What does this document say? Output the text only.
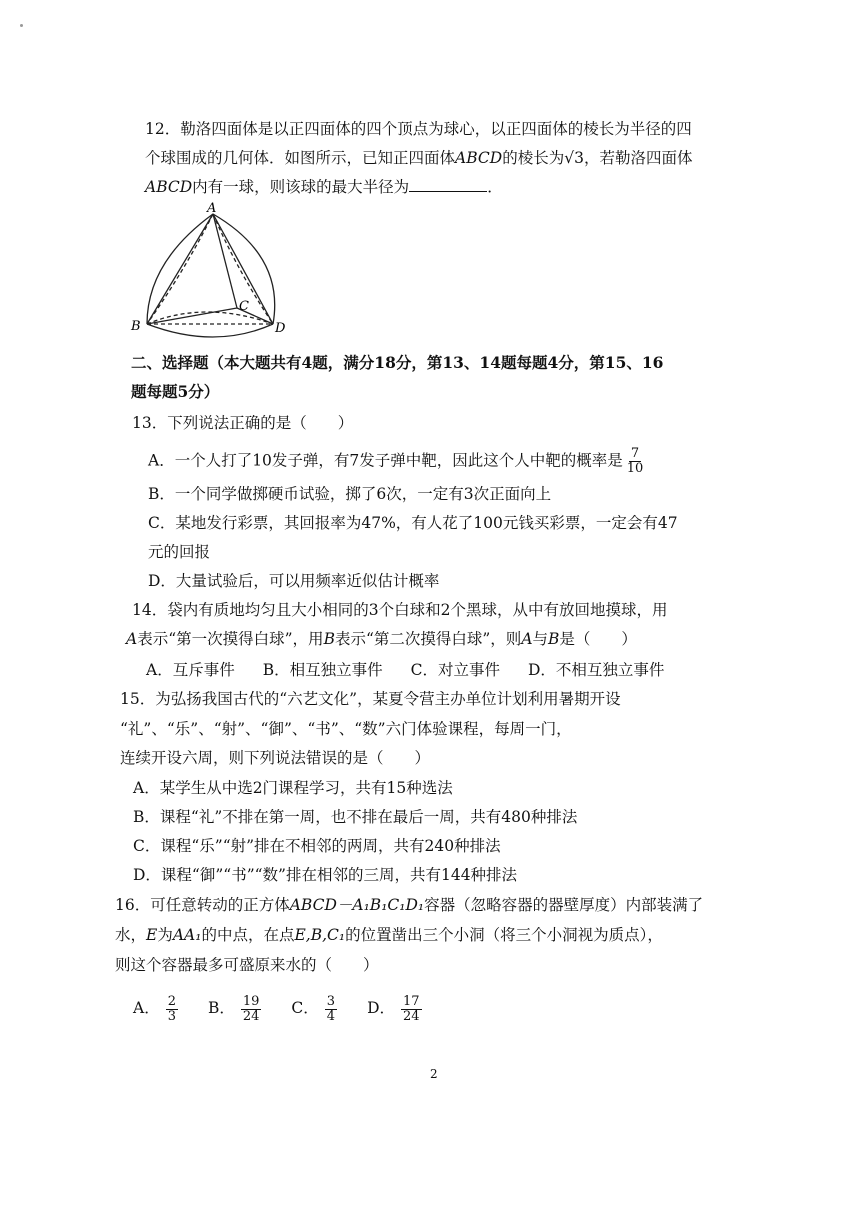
12．勒洛四面体是以正四面体的四个顶点为球心，以正四面体的棱长为半径的四
个球围成的几何体．如图所示，已知正四面体ABCD的棱长为√3，若勒洛四面体
ABCD内有一球，则该球的最大半径为	．
A
B
C
D
二、选择题（本大题共有4题，满分18分，第13、14题每题4分，第15、16
题每题5分）
13．下列说法正确的是（　　）
A．一个人打了10发子弹，有7发子弹中靶，因此这个人中靶的概率是 $\frac{7}{10}$
B．一个同学做掷硬币试验，掷了6次，一定有3次正面向上
C．某地发行彩票，其回报率为47%，有人花了100元钱买彩票，一定会有47
元的回报
D．大量试验后，可以用频率近似估计概率
14．袋内有质地均匀且大小相同的3个白球和2个黑球，从中有放回地摸球，用
A表示“第一次摸得白球”，用B表示“第二次摸得白球”，则A与B是（　　）
A．互斥事件 B．相互独立事件 C．对立事件 D．不相互独立事件
15．为弘扬我国古代的“六艺文化”，某夏令营主办单位计划利用暑期开设
“礼”、“乐”、“射”、“御”、“书”、“数”六门体验课程，每周一门，
连续开设六周，则下列说法错误的是（　　）
A．某学生从中选2门课程学习，共有15种选法
B．课程“礼”不排在第一周，也不排在最后一周，共有480种排法
C．课程“乐”“射”排在不相邻的两周，共有240种排法
D．课程“御”“书”“数”排在相邻的三周，共有144种排法
16．可任意转动的正方体ABCD－A₁B₁C₁D₁容器（忽略容器的器壁厚度）内部装满了
水，E为AA₁的中点，在点E,B,C₁的位置凿出三个小洞（将三个小洞视为质点），
则这个容器最多可盛原来水的（　　）
A． $\frac{2}{3}$ B． $\frac{19}{24}$ C． $\frac{3}{4}$ D． $\frac{17}{24}$
2
